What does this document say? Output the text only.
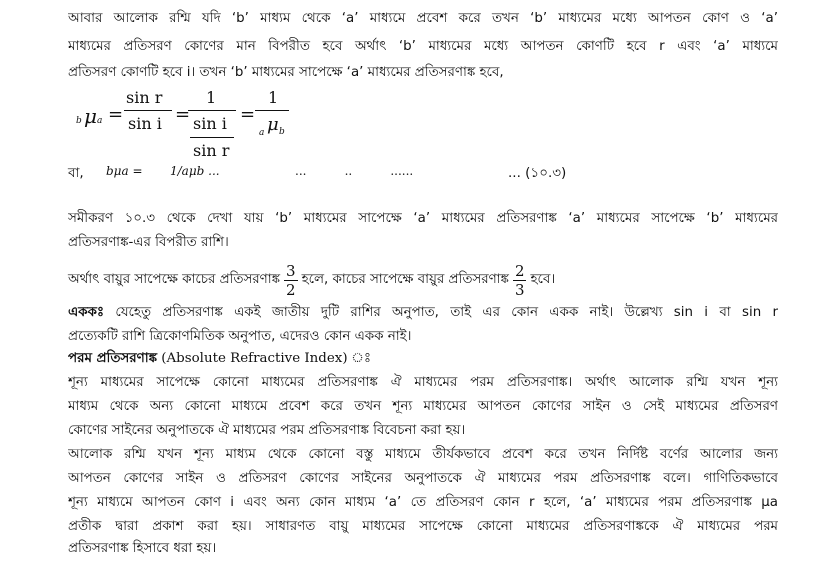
আবার আলোক রশ্মি যদি ‘b’ মাধ্যম থেকে ‘a’ মাধ্যমে প্রবেশ করে তখন ‘b’ মাধ্যমের মধ্যে আপতন কোণ ও ‘a’
মাধ্যমের প্রতিসরণ কোণের মান বিপরীত হবে অর্থাৎ ‘b’ মাধ্যমের মধ্যে আপতন কোণটি হবে r এবং ‘a’ মাধ্যমে
প্রতিসরণ কোণটি হবে i। তখন ‘b’ মাধ্যমের সাপেক্ষে ‘a’ মাধ্যমের প্রতিসরণাঙ্ক হবে,
b μ a =
sin r
sin i =
1
sin i
sin r
=
1
a μ b
বা, bμa = 1/aμb ...	...          ..          ......	... (১০.৩)
সমীকরণ ১০.৩ থেকে দেখা যায় ‘b’ মাধ্যমের সাপেক্ষে ‘a’ মাধ্যমের প্রতিসরণাঙ্ক ‘a’ মাধ্যমের সাপেক্ষে ‘b’ মাধ্যমের
প্রতিসরণাঙ্ক-এর বিপরীত রাশি।
অর্থাৎ বায়ুর সাপেক্ষে কাচের প্রতিসরণাঙ্ক $\frac{3}{2}$ হলে, কাচের সাপেক্ষে বায়ুর প্রতিসরণাঙ্ক $\frac{2}{3}$ হবে।
এককঃ যেহেতু প্রতিসরণাঙ্ক একই জাতীয় দুটি রাশির অনুপাত, তাই এর কোন একক নাই। উল্লেখ্য sin i বা sin r
প্রত্যেকটি রাশি ত্রিকোণমিতিক অনুপাত, এদেরও কোন একক নাই।
পরম প্রতিসরণাঙ্ক (Absolute Refractive Index) ঃ
শূন্য মাধ্যমের সাপেক্ষে কোনো মাধ্যমের প্রতিসরণাঙ্ক ঐ মাধ্যমের পরম প্রতিসরণাঙ্ক। অর্থাৎ আলোক রশ্মি যখন শূন্য
মাধ্যম থেকে অন্য কোনো মাধ্যমে প্রবেশ করে তখন শূন্য মাধ্যমের আপতন কোণের সাইন ও সেই মাধ্যমের প্রতিসরণ
কোণের সাইনের অনুপাতকে ঐ মাধ্যমের পরম প্রতিসরণাঙ্ক বিবেচনা করা হয়।
আলোক রশ্মি যখন শূন্য মাধ্যম থেকে কোনো বস্তু মাধ্যমে তীর্যকভাবে প্রবেশ করে তখন নির্দিষ্ট বর্ণের আলোর জন্য
আপতন কোণের সাইন ও প্রতিসরণ কোণের সাইনের অনুপাতকে ঐ মাধ্যমের পরম প্রতিসরণাঙ্ক বলে। গাণিতিকভাবে
শূন্য মাধ্যমে আপতন কোণ i এবং অন্য কোন মাধ্যম ‘a’ তে প্রতিসরণ কোন r হলে, ‘a’ মাধ্যমের পরম প্রতিসরণাঙ্ক μa
প্রতীক দ্বারা প্রকাশ করা হয়। সাধারণত বায়ু মাধ্যমের সাপেক্ষে কোনো মাধ্যমের প্রতিসরণাঙ্ককে ঐ মাধ্যমের পরম
প্রতিসরণাঙ্ক হিসাবে ধরা হয়।
